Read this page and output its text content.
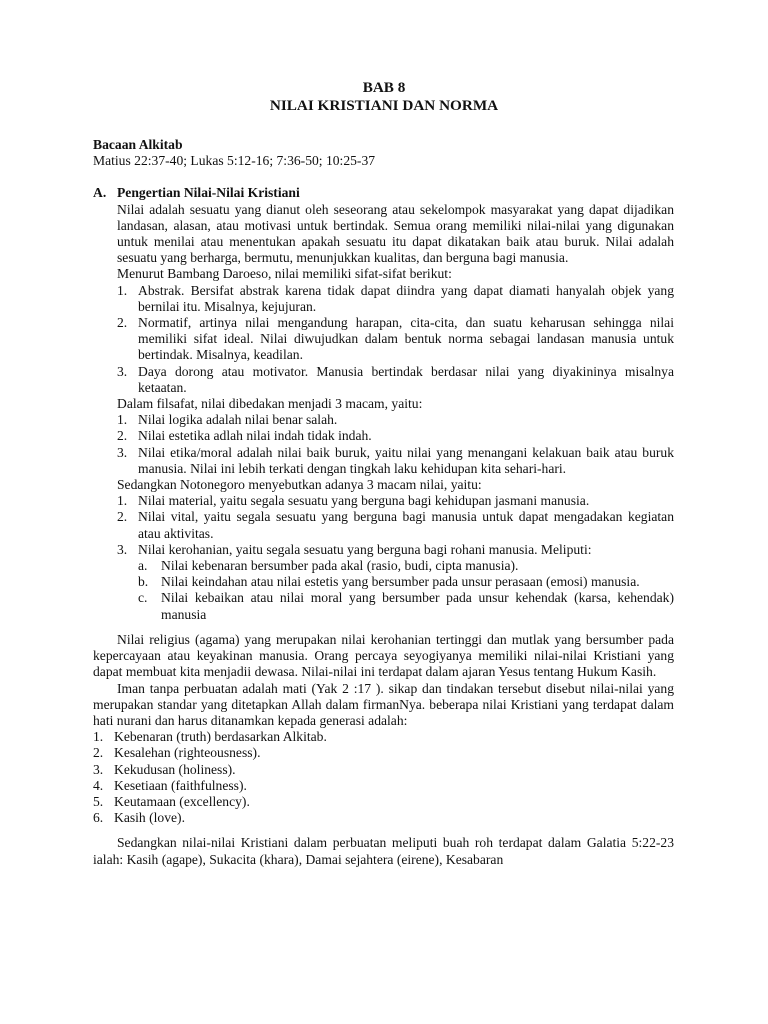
BAB 8
NILAI KRISTIANI DAN NORMA
Bacaan Alkitab
Matius 22:37-40; Lukas 5:12-16; 7:36-50; 10:25-37
A. Pengertian Nilai-Nilai Kristiani
Nilai adalah sesuatu yang dianut oleh seseorang atau sekelompok masyarakat yang dapat dijadikan landasan, alasan, atau motivasi untuk bertindak. Semua orang memiliki nilai-nilai yang digunakan untuk menilai atau menentukan apakah sesuatu itu dapat dikatakan baik atau buruk. Nilai adalah sesuatu yang berharga, bermutu, menunjukkan kualitas, dan berguna bagi manusia.
Menurut Bambang Daroeso, nilai memiliki sifat-sifat berikut:
1. Abstrak. Bersifat abstrak karena tidak dapat diindra yang dapat diamati hanyalah objek yang bernilai itu. Misalnya, kejujuran.
2. Normatif, artinya nilai mengandung harapan, cita-cita, dan suatu keharusan sehingga nilai memiliki sifat ideal. Nilai diwujudkan dalam bentuk norma sebagai landasan manusia untuk bertindak. Misalnya, keadilan.
3. Daya dorong atau motivator. Manusia bertindak berdasar nilai yang diyakininya misalnya ketaatan.
Dalam filsafat, nilai dibedakan menjadi 3 macam, yaitu:
1. Nilai logika adalah nilai benar salah.
2. Nilai estetika adlah nilai indah tidak indah.
3. Nilai etika/moral adalah nilai baik buruk, yaitu nilai yang menangani kelakuan baik atau buruk manusia. Nilai ini lebih terkati dengan tingkah laku kehidupan kita sehari-hari.
Sedangkan Notonegoro menyebutkan adanya 3 macam nilai, yaitu:
1. Nilai material, yaitu segala sesuatu yang berguna bagi kehidupan jasmani manusia.
2. Nilai vital, yaitu segala sesuatu yang berguna bagi manusia untuk dapat mengadakan kegiatan atau aktivitas.
3. Nilai kerohanian, yaitu segala sesuatu yang berguna bagi rohani manusia. Meliputi:
a. Nilai kebenaran bersumber pada akal (rasio, budi, cipta manusia).
b. Nilai keindahan atau nilai estetis yang bersumber pada unsur perasaan (emosi) manusia.
c. Nilai kebaikan atau nilai moral yang bersumber pada unsur kehendak (karsa, kehendak) manusia
Nilai religius (agama) yang merupakan nilai kerohanian tertinggi dan mutlak yang bersumber pada kepercayaan atau keyakinan manusia. Orang percaya seyogiyanya memiliki nilai-nilai Kristiani yang dapat membuat kita menjadii dewasa. Nilai-nilai ini terdapat dalam ajaran Yesus tentang Hukum Kasih.
Iman tanpa perbuatan adalah mati (Yak 2 :17 ). sikap dan tindakan tersebut disebut nilai-nilai yang merupakan standar yang ditetapkan Allah dalam firmanNya. beberapa nilai Kristiani yang terdapat dalam hati nurani dan harus ditanamkan kepada generasi adalah:
1. Kebenaran (truth) berdasarkan Alkitab.
2. Kesalehan (righteousness).
3. Kekudusan (holiness).
4. Kesetiaan (faithfulness).
5. Keutamaan (excellency).
6. Kasih (love).
Sedangkan nilai-nilai Kristiani dalam perbuatan meliputi buah roh terdapat dalam Galatia 5:22-23 ialah: Kasih (agape), Sukacita (khara), Damai sejahtera (eirene), Kesabaran
